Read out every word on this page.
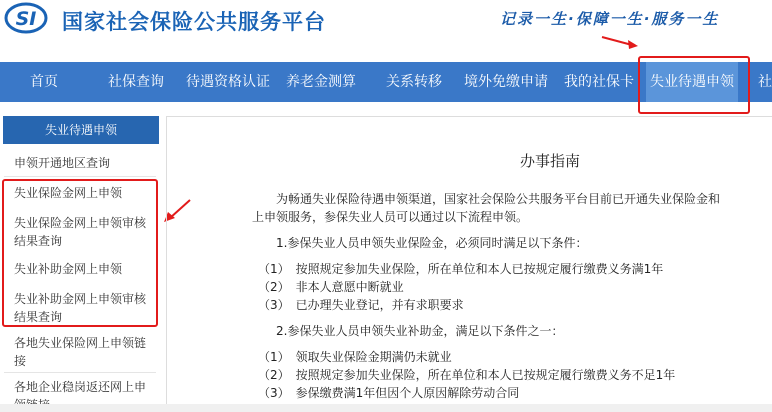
SI 国家社会保险公共服务平台	记录一生·保障一生·服务一生
首页	社保查询 待遇资格认证 养老金测算 关系转移 境外免缴申请 我的社保卡 失业待遇申领 社
失业待遇申领
申领开通地区查询
失业保险金网上申领
失业保险金网上申领审核结果查询
失业补助金网上申领
失业补助金网上申领审核结果查询
各地失业保险网上申领链接
各地企业稳岗返还网上申
办事指南
为畅通失业保险待遇申领渠道，国家社会保险公共服务平台目前已开通失业保险金和
上申领服务，参保失业人员可以通过以下流程申领。
1.参保失业人员申领失业保险金，必须同时满足以下条件：
（1）　按照规定参加失业保险，所在单位和本人已按规定履行缴费义务满1年
（2）　非本人意愿中断就业
（3）　已办理失业登记，并有求职要求
2.参保失业人员申领失业补助金，满足以下条件之一：
（1）　领取失业保险金期满仍未就业
（2）　按照规定参加失业保险，所在单位和本人已按规定履行缴费义务不足1年
（3）　参保缴费满1年但因个人原因解除劳动合同
